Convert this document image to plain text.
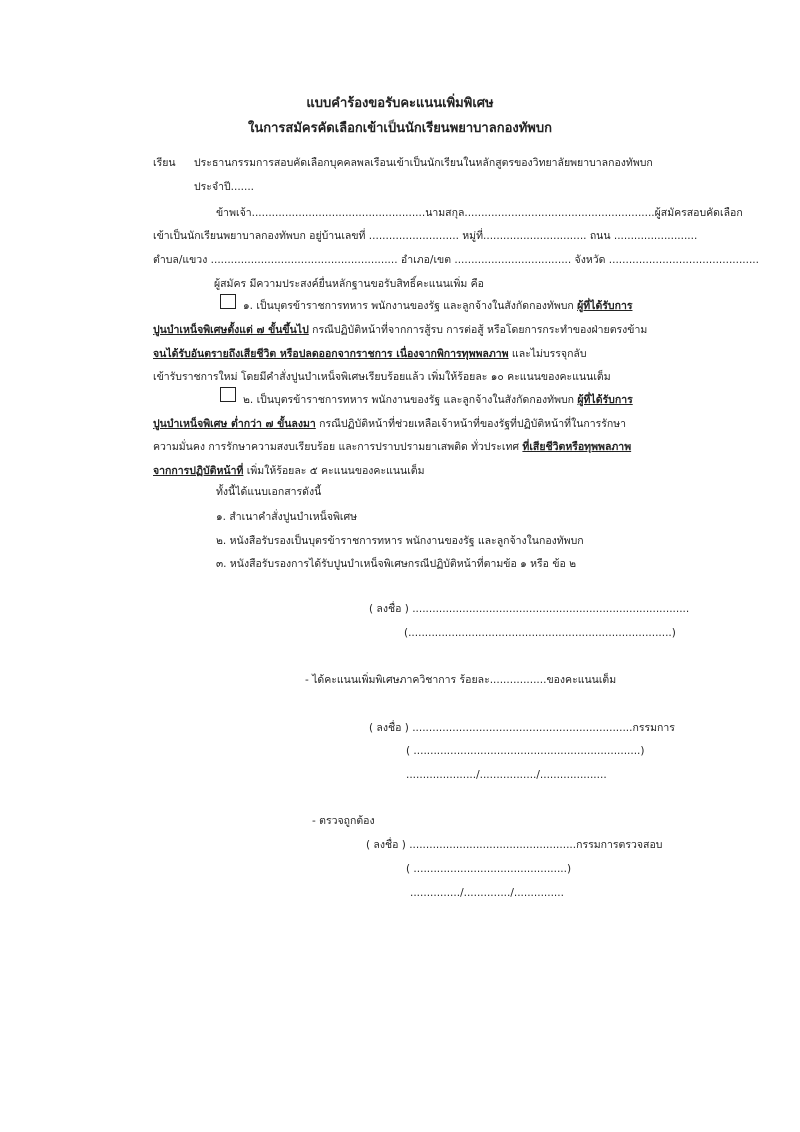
แบบคำร้องขอรับคะแนนเพิ่มพิเศษ
ในการสมัครคัดเลือกเข้าเป็นนักเรียนพยาบาลกองทัพบก
เรียน ประธานกรรมการสอบคัดเลือกบุคคลพลเรือนเข้าเป็นนักเรียนในหลักสูตรของวิทยาลัยพยาบาลกองทัพบก
ประจำปี.......
ข้าพเจ้า....................................................นามสกุล.........................................................ผู้สมัครสอบคัดเลือก
เข้าเป็นนักเรียนพยาบาลกองทัพบก อยู่บ้านเลขที่ ........................... หมู่ที่............................... ถนน .........................
ตำบล/แขวง ........................................................ อำเภอ/เขต ................................... จังหวัด .............................................
ผู้สมัคร มีความประสงค์ยื่นหลักฐานขอรับสิทธิ์คะแนนเพิ่ม คือ
๑. เป็นบุตรข้าราชการทหาร พนักงานของรัฐ และลูกจ้างในสังกัดกองทัพบก ผู้ที่ได้รับการ
ปูนบำเหน็จพิเศษตั้งแต่ ๗ ขั้นขึ้นไป กรณีปฏิบัติหน้าที่จากการสู้รบ การต่อสู้ หรือโดยการกระทำของฝ่ายตรงข้าม
จนได้รับอันตรายถึงเสียชีวิต หรือปลดออกจากราชการ เนื่องจากพิการทุพพลภาพ และไม่บรรจุกลับ
เข้ารับราชการใหม่ โดยมีคำสั่งปูนบำเหน็จพิเศษเรียบร้อยแล้ว เพิ่มให้ร้อยละ ๑๐ คะแนนของคะแนนเต็ม
๒. เป็นบุตรข้าราชการทหาร พนักงานของรัฐ และลูกจ้างในสังกัดกองทัพบก ผู้ที่ได้รับการ
ปูนบำเหน็จพิเศษ ต่ำกว่า ๗ ขั้นลงมา กรณีปฏิบัติหน้าที่ช่วยเหลือเจ้าหน้าที่ของรัฐที่ปฏิบัติหน้าที่ในการรักษา
ความมั่นคง การรักษาความสงบเรียบร้อย และการปราบปรามยาเสพติด ทั่วประเทศ ที่เสียชีวิตหรือทุพพลภาพ
จากการปฏิบัติหน้าที่ เพิ่มให้ร้อยละ ๕ คะแนนของคะแนนเต็ม
ทั้งนี้ได้แนบเอกสารดังนี้
๑. สำเนาคำสั่งปูนบำเหน็จพิเศษ
๒. หนังสือรับรองเป็นบุตรข้าราชการทหาร พนักงานของรัฐ และลูกจ้างในกองทัพบก
๓. หนังสือรับรองการได้รับปูนบำเหน็จพิเศษกรณีปฏิบัติหน้าที่ตามข้อ ๑ หรือ ข้อ ๒
( ลงชื่อ ) ...................................................................................
(...............................................................................)
- ได้คะแนนเพิ่มพิเศษภาควิชาการ ร้อยละ.................ของคะแนนเต็ม
( ลงชื่อ ) ..................................................................กรรมการ
( ....................................................................)
...................../................./....................
- ตรวจถูกต้อง
( ลงชื่อ ) ..................................................กรรมการตรวจสอบ
( ..............................................)
.............../............../...............
